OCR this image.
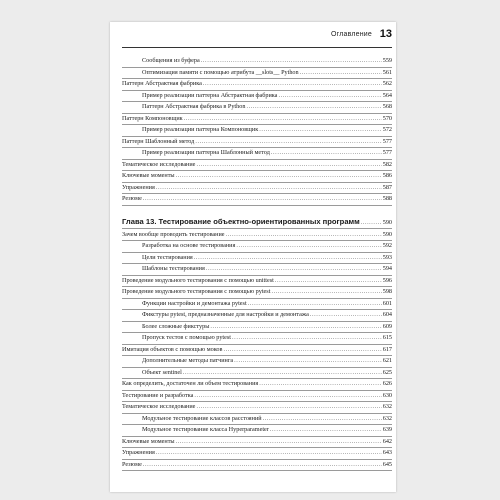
Оглавление 13
Сообщения из буфера .....	559
Оптимизация памяти с помощью атрибута __slots__ Python .....	561
Паттерн Абстрактная фабрика .....	562
Пример реализации паттерна Абстрактная фабрика .....	564
Паттерн Абстрактная фабрика в Python .....	568
Паттерн Компоновщик .....	570
Пример реализации паттерна Компоновщик .....	572
Паттерн Шаблонный метод .....	577
Пример реализации паттерна Шаблонный метод .....	577
Тематическое исследование .....	582
Ключевые моменты .....	586
Упражнения .....	587
Резюме .....	588
Глава 13. Тестирование объектно-ориентированных программ .....	590
Зачем вообще проводить тестирование .....	590
Разработка на основе тестирования .....	592
Цели тестирования .....	593
Шаблоны тестирования .....	594
Проведение модульного тестирования с помощью unittest .....	596
Проведение модульного тестирования с помощью pytest .....	598
Функции настройки и демонтажа pytest .....	601
Фикстуры pytest, предназначенные для настройки и демонтажа .....	604
Более сложные фикстуры .....	609
Пропуск тестов с помощью pytest .....	615
Имитация объектов с помощью моков .....	617
Дополнительные методы патчинга .....	621
Объект sentinel .....	625
Как определить, достаточен ли объем тестирования .....	626
Тестирование и разработка .....	630
Тематическое исследование .....	632
Модульное тестирование классов расстояний .....	632
Модульное тестирование класса Hyperparameter .....	639
Ключевые моменты .....	642
Упражнения .....	643
Резюме .....	645
